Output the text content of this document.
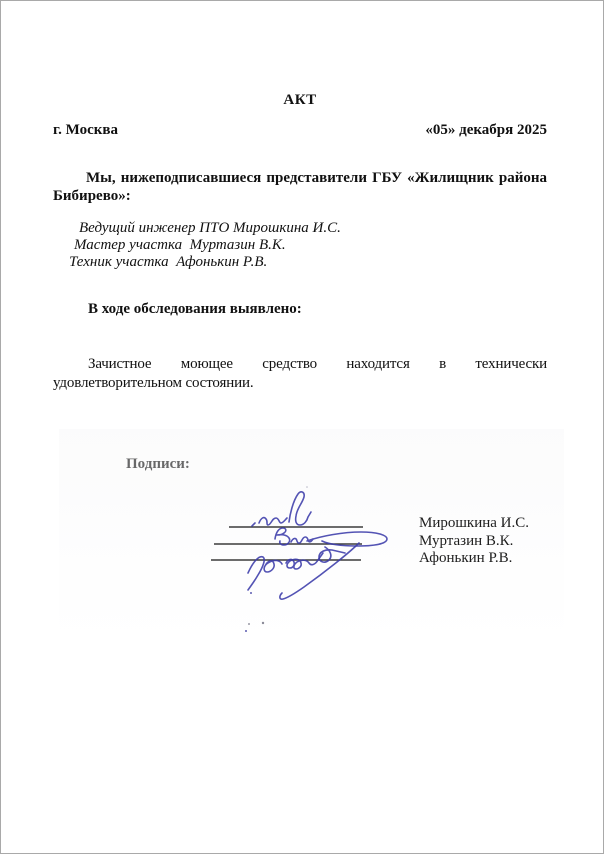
АКТ
г. Москва	«05» декабря 2025

Мы, нижеподписавшиеся представители ГБУ «Жилищник района Бибирево»:

Ведущий инженер ПТО Мирошкина И.С.
Мастер участка  Муртазин В.К.
Техник участка  Афонькин Р.В.

В ходе обследования выявлено:

Зачистное моющее средство находится в технически удовлетворительном состоянии.

Подписи:

Мирошкина И.С.
Муртазин В.К.
Афонькин Р.В.
